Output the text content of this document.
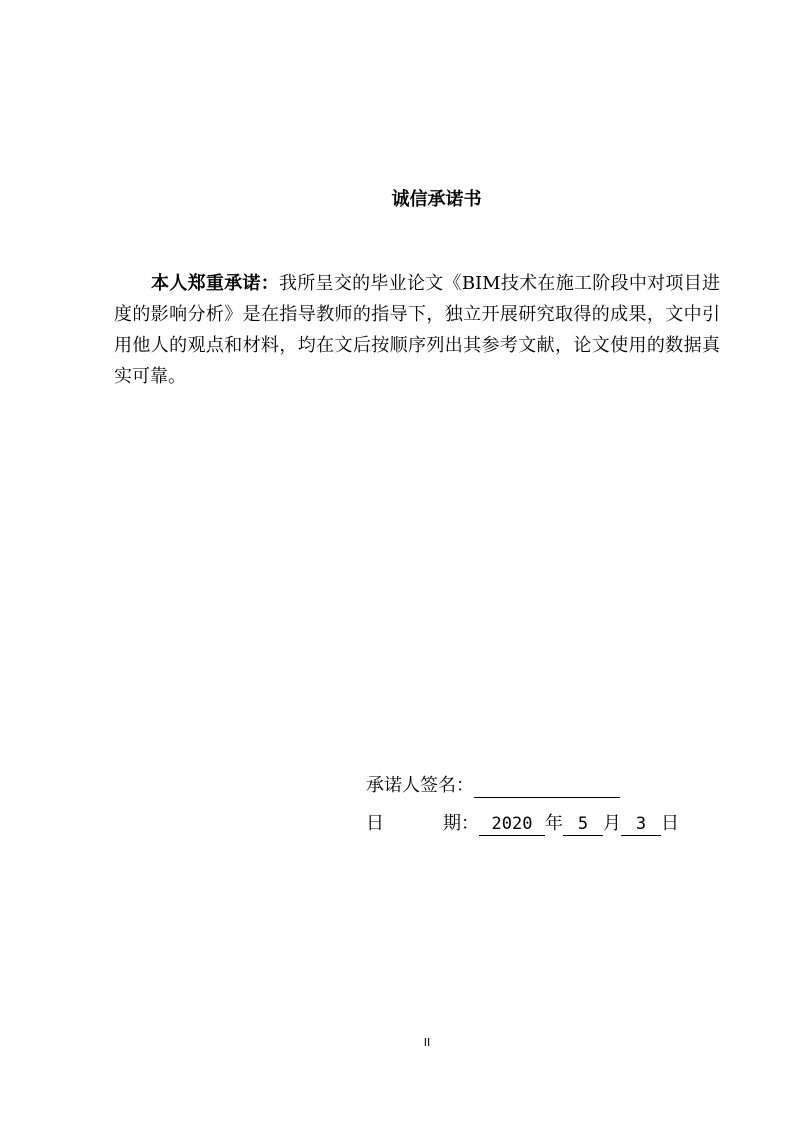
诚信承诺书
本人郑重承诺：我所呈交的毕业论文《BIM技术在施工阶段中对项目进度的影响分析》是在指导教师的指导下，独立开展研究取得的成果，文中引用他人的观点和材料，均在文后按顺序列出其参考文献，论文使用的数据真实可靠。
承诺人签名：
日	期： 2020 年 5 月 3 日
II
